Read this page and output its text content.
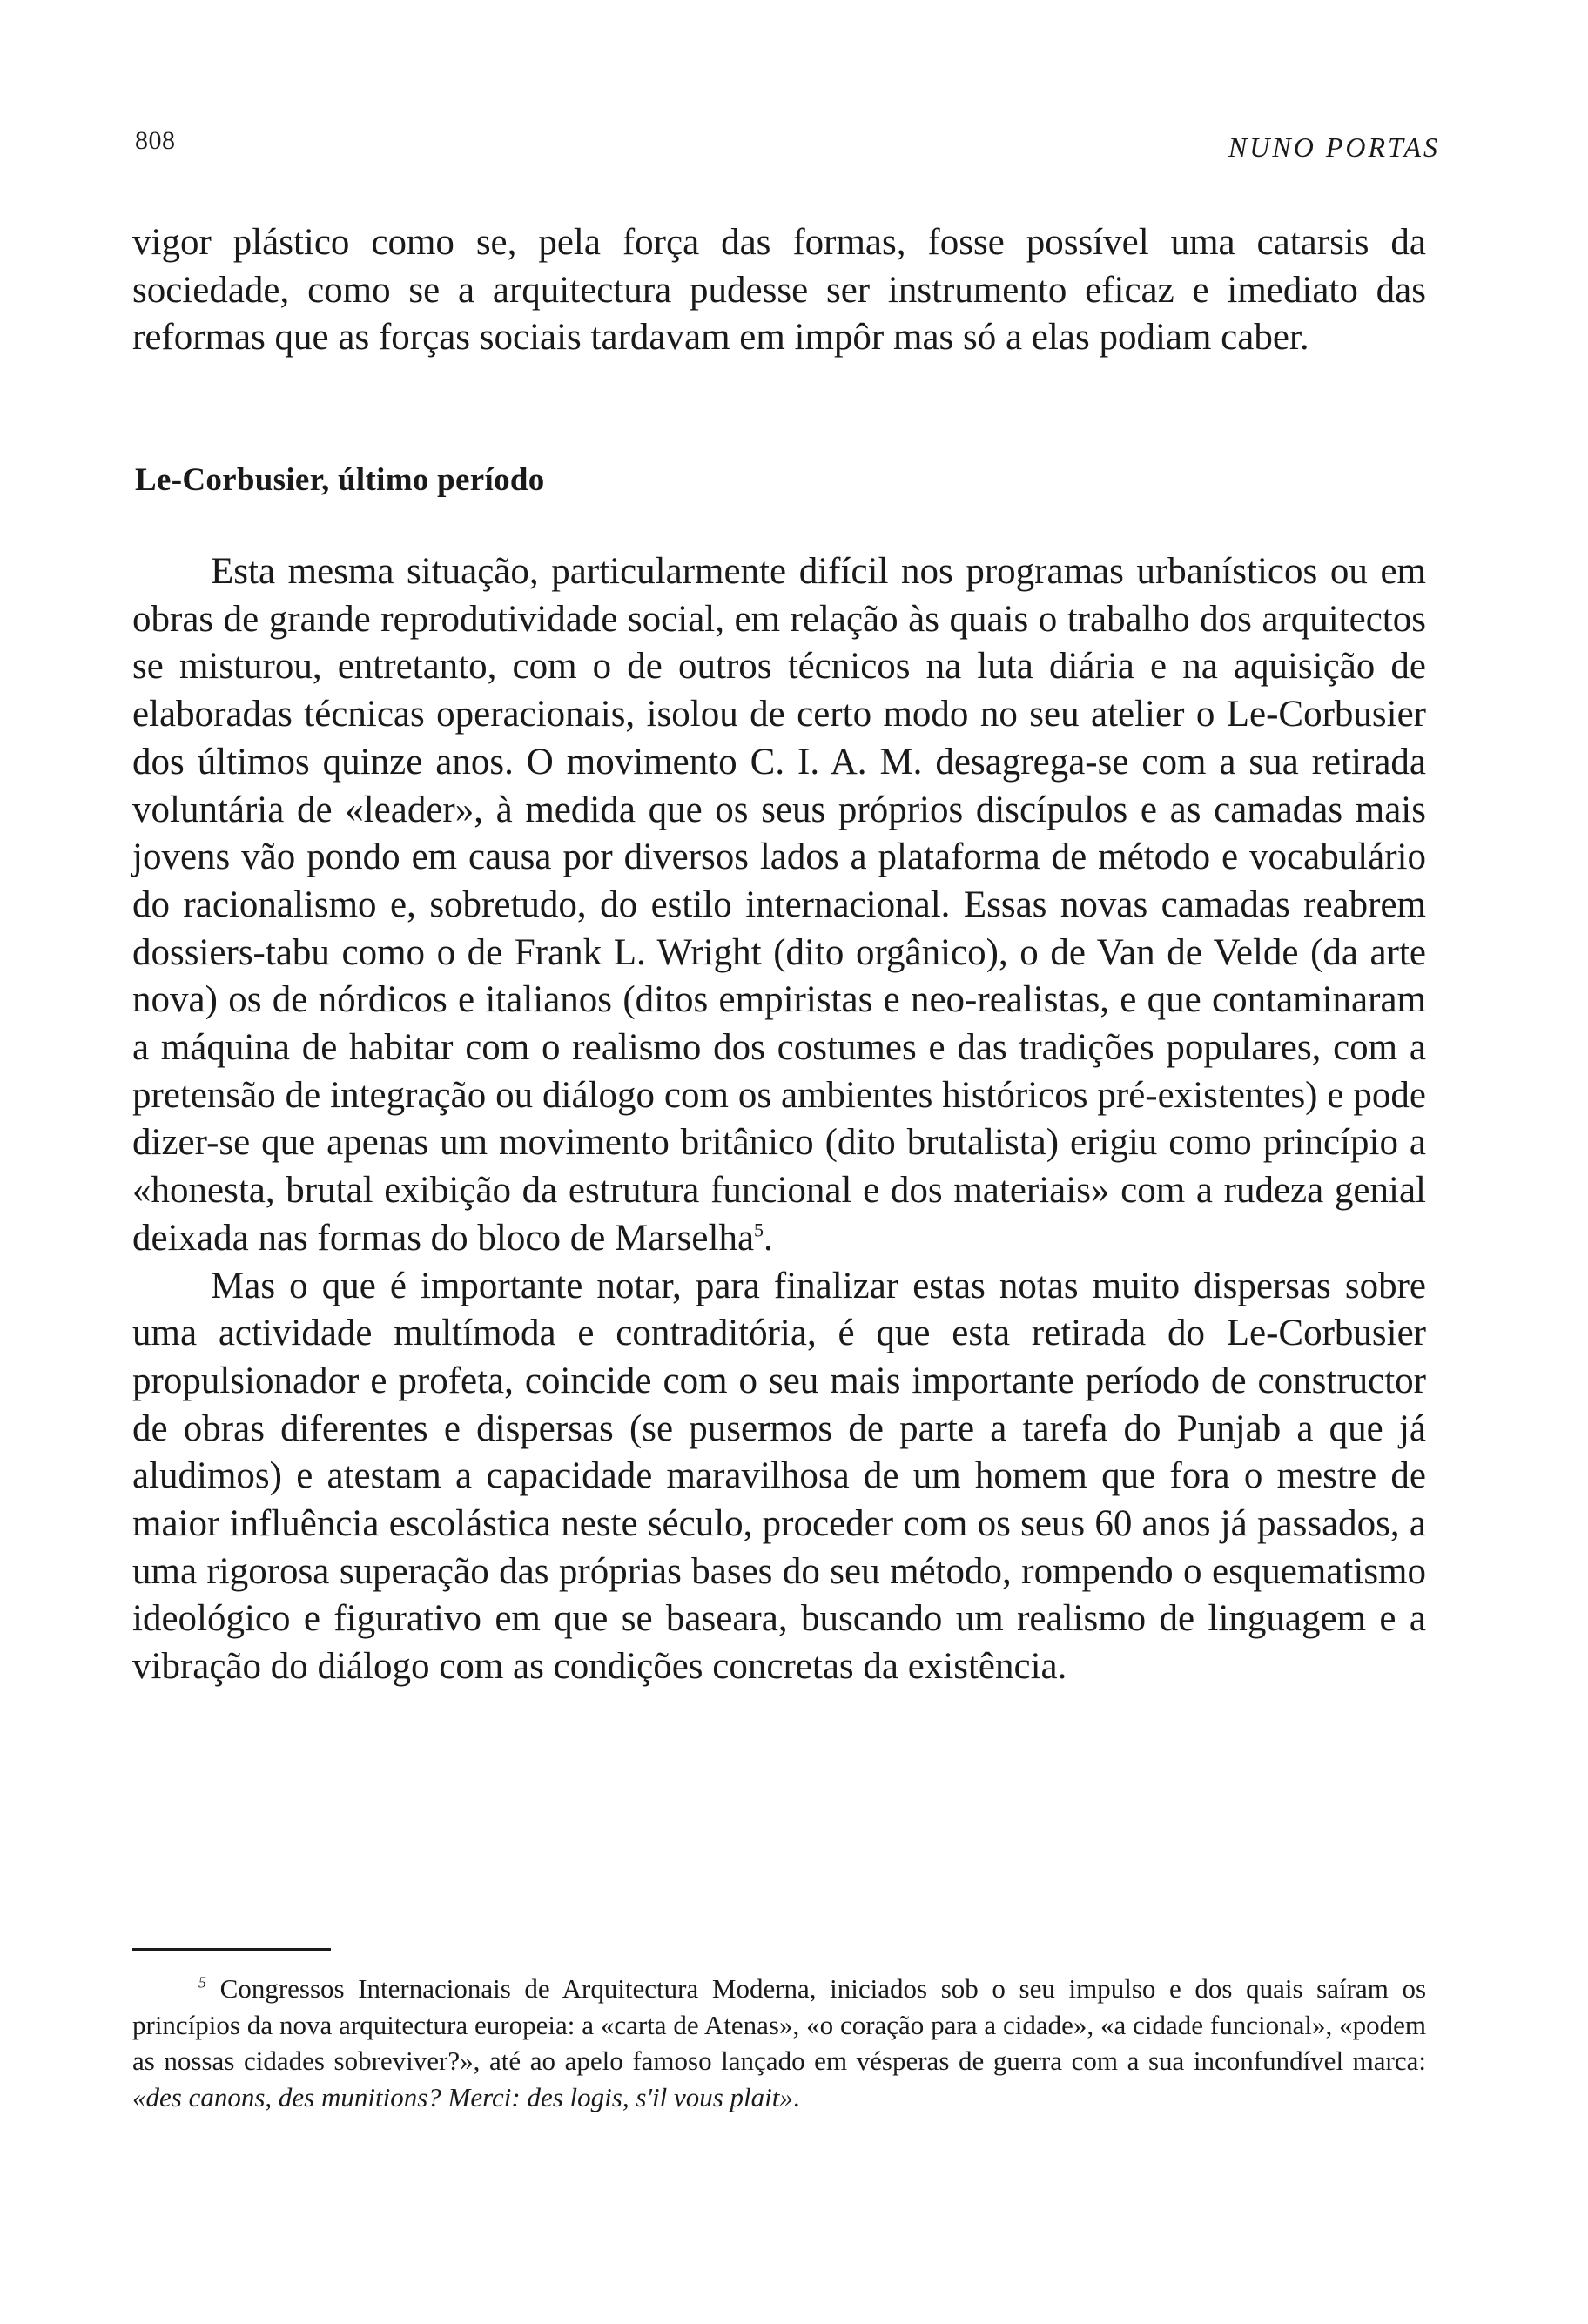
808	NUNO PORTAS

vigor plástico como se, pela força das formas, fosse possível uma catarsis da sociedade, como se a arquitectura pudesse ser instrumento eficaz e imediato das reformas que as forças sociais tardavam em impôr mas só a elas podiam caber.

Le-Corbusier, último período

Esta mesma situação, particularmente difícil nos programas urbanísticos ou em obras de grande reprodutividade social, em relação às quais o trabalho dos arquitectos se misturou, entretanto, com o de outros técnicos na luta diária e na aquisição de elaboradas técnicas operacionais, isolou de certo modo no seu atelier o Le-Corbusier dos últimos quinze anos. O movimento C. I. A. M. desagrega-se com a sua retirada voluntária de «leader», à medida que os seus próprios discípulos e as camadas mais jovens vão pondo em causa por diversos lados a plataforma de método e vocabulário do racionalismo e, sobretudo, do estilo internacional. Essas novas camadas reabrem dossiers-tabu como o de Frank L. Wright (dito orgânico), o de Van de Velde (da arte nova) os de nórdicos e italianos (ditos empiristas e neo-realistas, e que contaminaram a máquina de habitar com o realismo dos costumes e das tradições populares, com a pretensão de integração ou diálogo com os ambientes históricos pré-existentes) e pode dizer-se que apenas um movimento britânico (dito brutalista) erigiu como princípio a «honesta, brutal exibição da estrutura funcional e dos materiais» com a rudeza genial deixada nas formas do bloco de Marselha$^5$.

Mas o que é importante notar, para finalizar estas notas muito dispersas sobre uma actividade multímoda e contraditória, é que esta retirada do Le-Corbusier propulsionador e profeta, coincide com o seu mais importante período de constructor de obras diferentes e dispersas (se pusermos de parte a tarefa do Punjab a que já aludimos) e atestam a capacidade maravilhosa de um homem que fora o mestre de maior influência escolástica neste século, proceder com os seus 60 anos já passados, a uma rigorosa superação das próprias bases do seu método, rompendo o esquematismo ideológico e figurativo em que se baseara, buscando um realismo de linguagem e a vibração do diálogo com as condições concretas da existência.

$^5$ Congressos Internacionais de Arquitectura Moderna, iniciados sob o seu impulso e dos quais saíram os princípios da nova arquitectura europeia: a «carta de Atenas», «o coração para a cidade», «a cidade funcional», «podem as nossas cidades sobreviver?», até ao apelo famoso lançado em vésperas de guerra com a sua inconfundível marca: «des canons, des munitions? Merci: des logis, s'il vous plait».
